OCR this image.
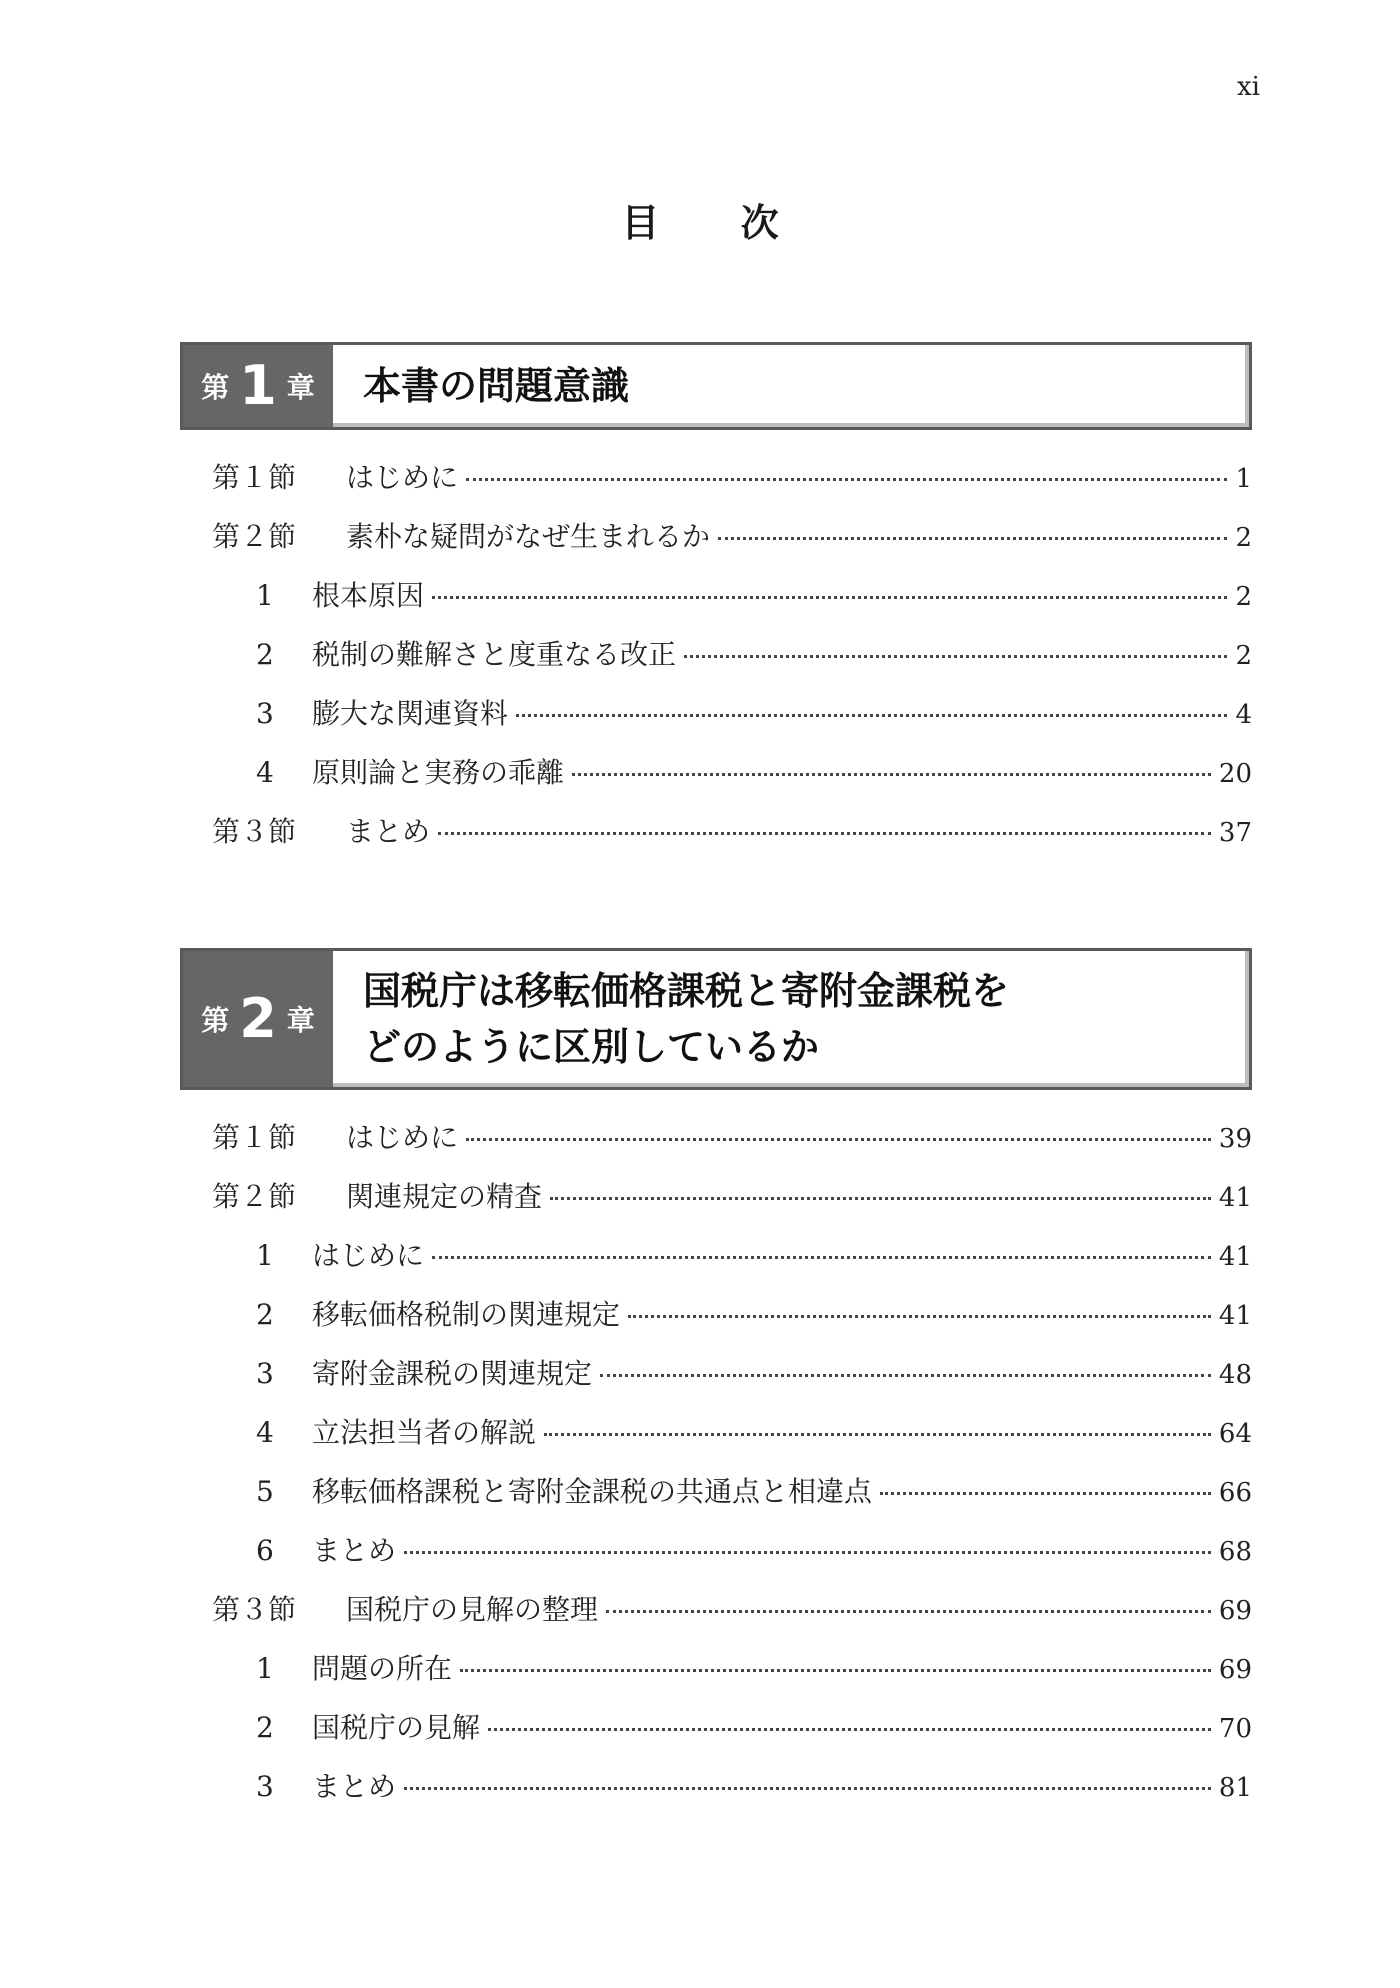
xi
目 次
第 1 章 本書の問題意識
第１節 はじめに	1
第２節 素朴な疑問がなぜ生まれるか	2
1 根本原因	2
2 税制の難解さと度重なる改正	2
3 膨大な関連資料	4
4 原則論と実務の乖離	20
第３節 まとめ	37
第 2 章
国税庁は移転価格課税と寄附金課税を
どのように区別しているか
第１節 はじめに	39
第２節 関連規定の精査	41
1 はじめに	41
2 移転価格税制の関連規定	41
3 寄附金課税の関連規定	48
4 立法担当者の解説	64
5 移転価格課税と寄附金課税の共通点と相違点	66
6 まとめ	68
第３節 国税庁の見解の整理	69
1 問題の所在	69
2 国税庁の見解	70
3 まとめ	81
